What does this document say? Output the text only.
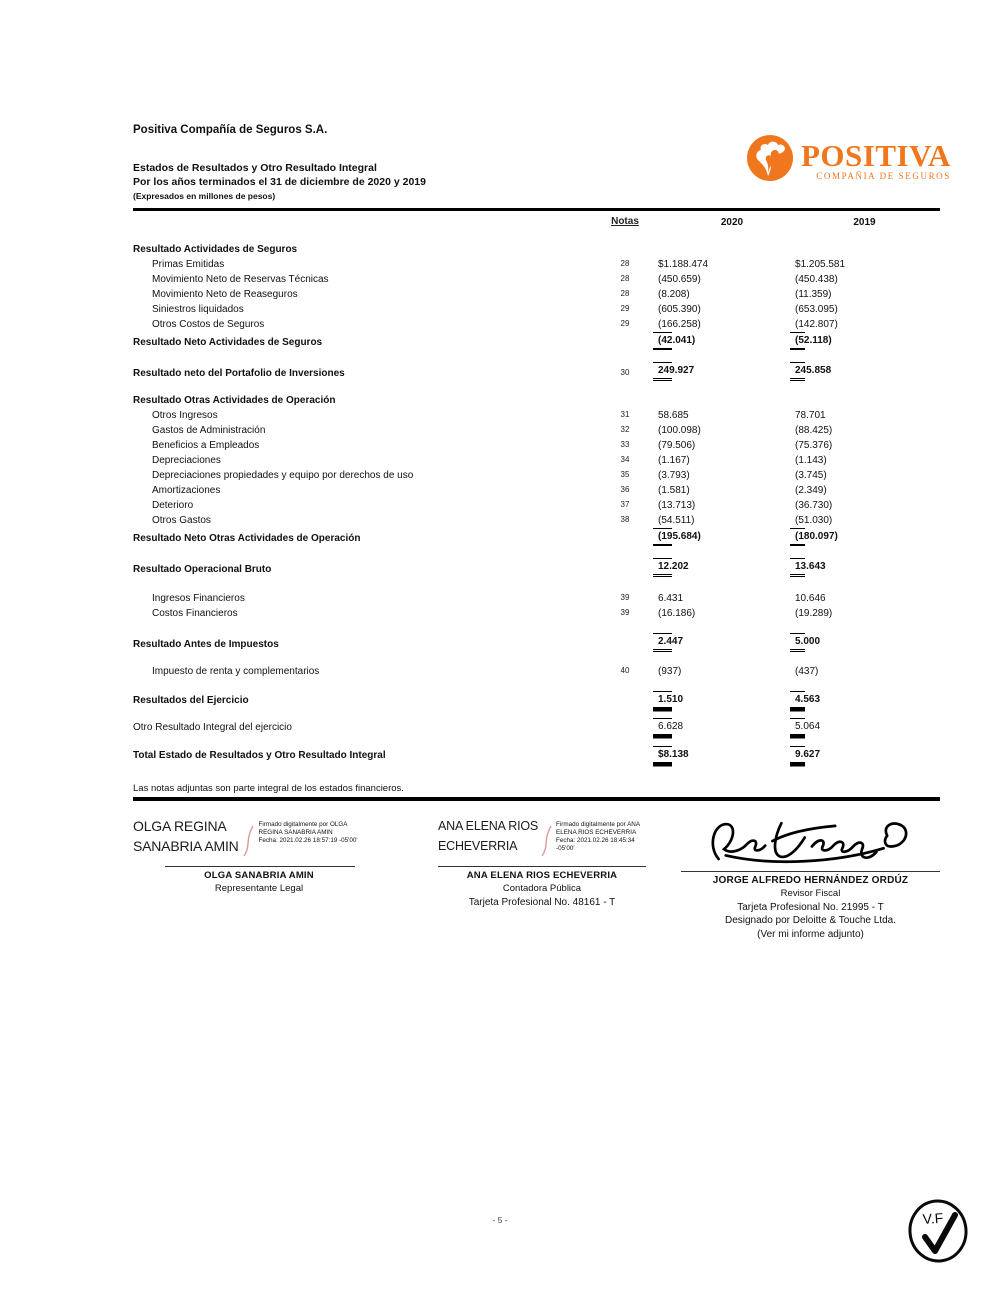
Positiva Compañía de Seguros S.A.
Estados de Resultados y Otro Resultado Integral
Por los años terminados el 31 de diciembre de 2020 y 2019
(Expresados en millones de pesos)
POSITIVA
COMPAÑIA DE SEGUROS
Notas	2020	2019
Resultado Actividades de Seguros
Primas Emitidas	28	$ 1.188.474	$ 1.205.581
Movimiento Neto de Reservas Técnicas	28	(450.659)	(450.438)
Movimiento Neto de Reaseguros	28	(8.208)	(11.359)
Siniestros liquidados	29	(605.390)	(653.095)
Otros Costos de Seguros	29	(166.258)	(142.807)
Resultado Neto Actividades de Seguros	(42.041)	(52.118)
Resultado neto del Portafolio de Inversiones	30	249.927	245.858
Resultado Otras Actividades de Operación
Otros Ingresos	31	58.685	78.701
Gastos de Administración	32	(100.098)	(88.425)
Beneficios a Empleados	33	(79.506)	(75.376)
Depreciaciones	34	(1.167)	(1.143)
Depreciaciones propiedades y equipo por derechos de uso	35	(3.793)	(3.745)
Amortizaciones	36	(1.581)	(2.349)
Deterioro	37	(13.713)	(36.730)
Otros Gastos	38	(54.511)	(51.030)
Resultado Neto Otras Actividades de Operación	(195.684)	(180.097)
Resultado Operacional Bruto	12.202	13.643
Ingresos Financieros	39	6.431	10.646
Costos Financieros	39	(16.186)	(19.289)
Resultado Antes de Impuestos	2.447	5.000
Impuesto de renta y complementarios	40	(937)	(437)
Resultados del Ejercicio	1.510	4.563
Otro Resultado Integral del ejercicio	6.628	5.064
Total Estado de Resultados y Otro Resultado Integral	$ 8.138	9.627
Las notas adjuntas son parte integral de los estados financieros.
OLGA REGINA
SANABRIA AMIN
Firmado digitalmente por OLGA REGINA SANABRIA AMIN
Fecha: 2021.02.26 18:57:19 -05'00'
OLGA SANABRIA AMIN
Representante Legal
ANA ELENA RIOS
ECHEVERRIA
Firmado digitalmente por ANA ELENA RIOS ECHEVERRIA
Fecha: 2021.02.26 18:45:34 -05'00'
ANA ELENA RIOS ECHEVERRIA
Contadora Pública
Tarjeta Profesional No. 48161 - T
JORGE ALFREDO HERNÁNDEZ ORDÚZ
Revisor Fiscal
Tarjeta Profesional No. 21995 - T
Designado por Deloitte & Touche Ltda.
(Ver mi informe adjunto)
- 5 -	V.F
